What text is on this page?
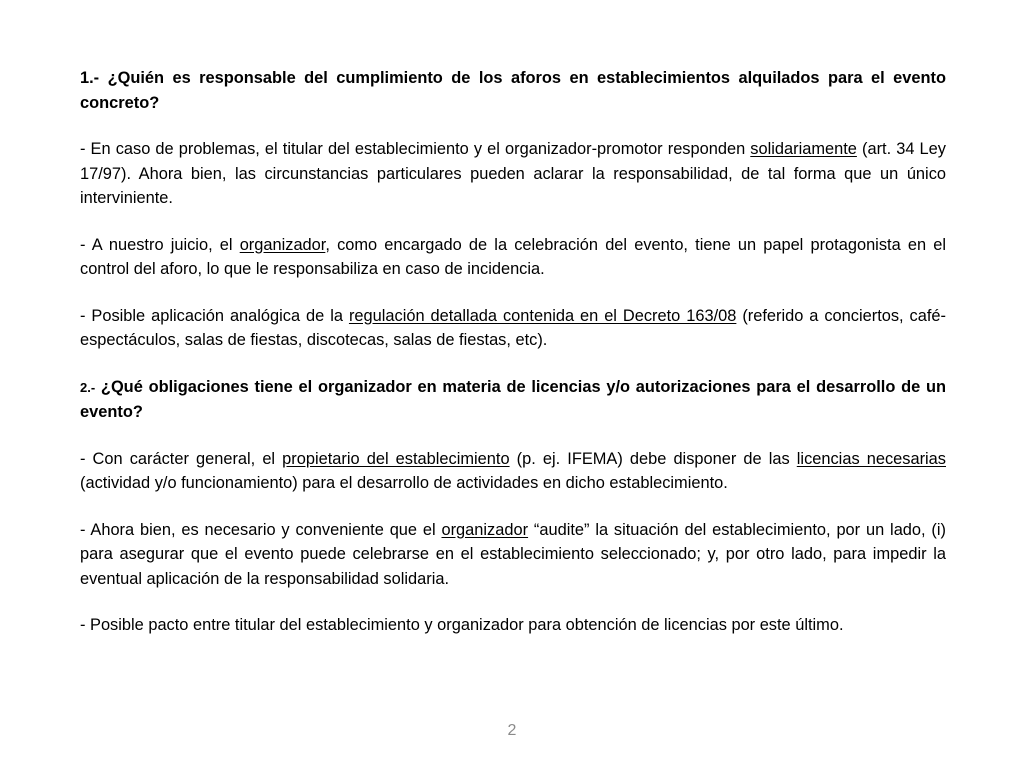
1.- ¿Quién es responsable del cumplimiento de los aforos en establecimientos alquilados para el evento concreto?

- En caso de problemas, el titular del establecimiento y el organizador-promotor responden solidariamente (art. 34 Ley 17/97). Ahora bien, las circunstancias particulares pueden aclarar la responsabilidad, de tal forma que un único interviniente.

- A nuestro juicio, el organizador, como encargado de la celebración del evento, tiene un papel protagonista en el control del aforo, lo que le responsabiliza en caso de incidencia.

- Posible aplicación analógica de la regulación detallada contenida en el Decreto 163/08 (referido a conciertos, café-espectáculos, salas de fiestas, discotecas, salas de fiestas, etc).

2.- ¿Qué obligaciones tiene el organizador en materia de licencias y/o autorizaciones para el desarrollo de un evento?

- Con carácter general, el propietario del establecimiento (p. ej. IFEMA) debe disponer de las licencias necesarias (actividad y/o funcionamiento) para el desarrollo de actividades en dicho establecimiento.

- Ahora bien, es necesario y conveniente que el organizador “audite” la situación del establecimiento, por un lado, (i) para asegurar que el evento puede celebrarse en el establecimiento seleccionado; y, por otro lado, para impedir la eventual aplicación de la responsabilidad solidaria.

- Posible pacto entre titular del establecimiento y organizador para obtención de licencias por este último.

2
